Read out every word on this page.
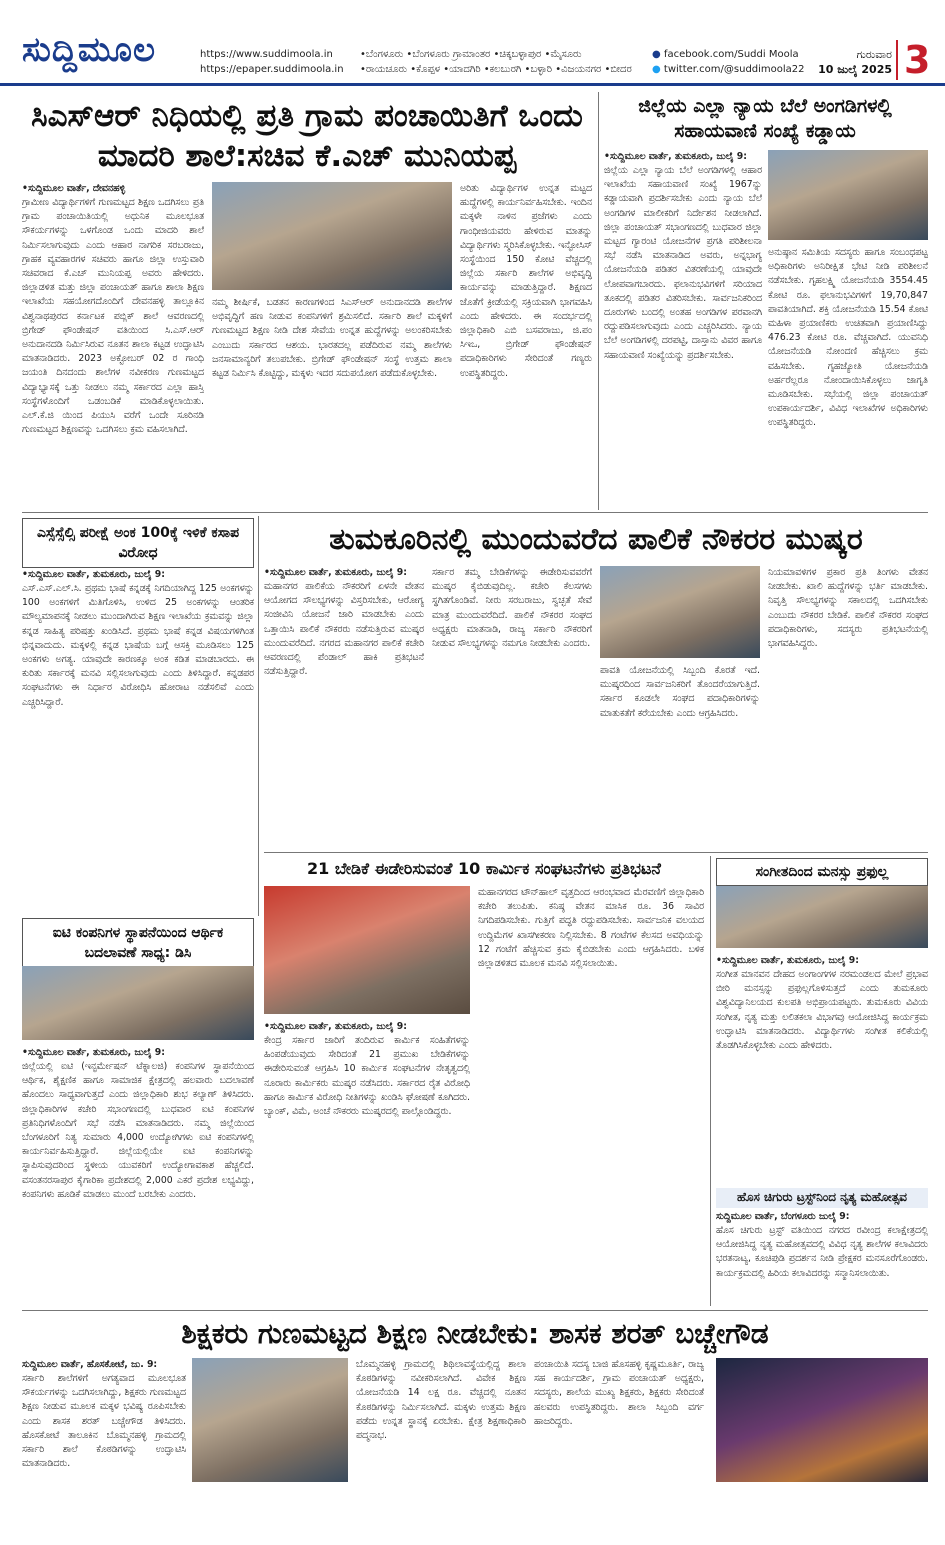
ಸುದ್ದಿಮೂಲ	https://www.suddimoola.in
https://epaper.suddimoola.in
•ಬೆಂಗಳೂರು •ಬೆಂಗಳೂರು ಗ್ರಾಮಾಂತರ •ಚಿಕ್ಕಬಳ್ಳಾಪುರ •ಮೈಸೂರು
•ರಾಯಚೂರು •ಕೊಪ್ಪಳ •ಯಾದಗಿರಿ •ಕಲಬುರಗಿ •ಬಳ್ಳಾರಿ •ವಿಜಯನಗರ •ಬೀದರ
● facebook.com/Suddi Moola
● twitter.com/@suddimoola22
ಗುರುವಾರ
10 ಜುಲೈ 2025 3
ಸಿಎಸ್‌ಆರ್ ನಿಧಿಯಲ್ಲಿ ಪ್ರತಿ ಗ್ರಾಮ ಪಂಚಾಯಿತಿಗೆ ಒಂದು ಮಾದರಿ ಶಾಲೆ:ಸಚಿವ ಕೆ.ಎಚ್ ಮುನಿಯಪ್ಪ
•ಸುದ್ದಿಮೂಲ ವಾರ್ತೆ, ದೇವನಹಳ್ಳಿ
ಗ್ರಾಮೀಣ ವಿದ್ಯಾರ್ಥಿಗಳಿಗೆ ಗುಣಮಟ್ಟದ ಶಿಕ್ಷಣ ಒದಗಿಸಲು ಪ್ರತಿ ಗ್ರಾಮ ಪಂಚಾಯಿತಿಯಲ್ಲಿ ಅಧುನಿಕ ಮೂಲಭೂತ ಸೌಕರ್ಯಗಳನ್ನು ಒಳಗೊಂಡ ಒಂದು ಮಾದರಿ ಶಾಲೆ ನಿರ್ಮಿಸಲಾಗುವುದು ಎಂದು ಆಹಾರ ನಾಗರಿಕ ಸರಬರಾಜು, ಗ್ರಾಹಕ ವ್ಯವಹಾರಗಳ ಸಚಿವರು ಹಾಗೂ ಜಿಲ್ಲಾ ಉಸ್ತುವಾರಿ ಸಚಿವರಾದ ಕೆ.ಎಚ್ ಮುನಿಯಪ್ಪ ಅವರು ಹೇಳಿದರು. ಜಿಲ್ಲಾಡಳಿತ ಮತ್ತು ಜಿಲ್ಲಾ ಪಂಚಾಯತ್ ಹಾಗೂ ಶಾಲಾ ಶಿಕ್ಷಣ ಇಲಾಖೆಯ ಸಹಯೋಗದೊಂದಿಗೆ ದೇವನಹಳ್ಳಿ ತಾಲ್ಲೂಕಿನ ವಿಶ್ವನಾಥಪುರದ ಕರ್ನಾಟಕ ಪಬ್ಲಿಕ್ ಶಾಲೆ ಆವರಣದಲ್ಲಿ ಬ್ರಿಗೇಡ್ ಫೌಂಡೇಷನ್ ವತಿಯಿಂದ ಸಿ.ಎಸ್.ಆರ್ ಅನುದಾನದಡಿ ನಿರ್ಮಿಸಿರುವ ನೂತನ ಶಾಲಾ ಕಟ್ಟಡ ಉದ್ಘಾಟಿಸಿ ಮಾತನಾಡಿದರು. 2023 ಅಕ್ಟೋಬರ್ 02 ರ ಗಾಂಧಿ ಜಯಂತಿ ದಿನದಂದು ಶಾಲೆಗಳ ನವೀಕರಣ ಗುಣಮಟ್ಟದ ವಿದ್ಯಾಭ್ಯಾಸಕ್ಕೆ ಒತ್ತು ನೀಡಲು ನಮ್ಮ ಸರ್ಕಾರದ ಎಲ್ಲಾ ಹಾಸ್ತಿ ಸಂಸ್ಥೆಗಳೊಂದಿಗೆ ಒಡಂಬಡಿಕೆ ಮಾಡಿಕೊಳ್ಳಲಾಯಿತು. ಎಲ್.ಕೆ.ಜಿ ಯಿಂದ ಪಿಯುಸಿ ವರೆಗೆ ಒಂದೇ ಸೂರಿನಡಿ ಗುಣಮಟ್ಟದ ಶಿಕ್ಷಣವನ್ನು ಒದಗಿಸಲು ಕ್ರಮ ವಹಿಸಲಾಗಿದೆ.
ನಮ್ಮ ಶೀರ್ಷಿಕೆ, ಬಡತನ ಕಾರಣಗಳಿಂದ ಸಿಎಸ್‌ಆರ್ ಅನುದಾನದಡಿ ಶಾಲೆಗಳ ಅಭಿವೃದ್ಧಿಗೆ ಹಣ ನೀಡುವ ಕಂಪನಿಗಳಿಗೆ ಶ್ರಮಿಸಲಿದೆ. ಸರ್ಕಾರಿ ಶಾಲೆ ಮಕ್ಕಳಿಗೆ ಗುಣಮಟ್ಟದ ಶಿಕ್ಷಣ ನೀಡಿ ದೇಶ ಸೇವೆಯ ಉನ್ನತ ಹುದ್ದೆಗಳನ್ನು ಅಲಂಕರಿಸಬೇಕು ಎಂಬುದು ಸರ್ಕಾರದ ಆಶಯ. ಭಾರತದಲ್ಲ ಪಡೆದಿರುವ ನಮ್ಮ ಶಾಲೆಗಳು ಜನಸಾಮಾನ್ಯರಿಗೆ ತಲುಪಬೇಕು. ಬ್ರಿಗೇಡ್ ಫೌಂಡೇಷನ್ ಸಂಸ್ಥೆ ಉತ್ತಮ ಶಾಲಾ ಕಟ್ಟಡ ನಿರ್ಮಿಸಿ ಕೊಟ್ಟಿದ್ದು, ಮಕ್ಕಳು ಇದರ ಸದುಪಯೋಗ ಪಡೆದುಕೊಳ್ಳಬೇಕು.
ಅರಿತು ವಿದ್ಯಾರ್ಥಿಗಳ ಉನ್ನತ ಮಟ್ಟದ ಹುದ್ದೆಗಳಲ್ಲಿ ಕಾರ್ಯನಿರ್ವಹಿಸಬೇಕು. ಇಂದಿನ ಮಕ್ಕಳೇ ನಾಳಿನ ಪ್ರಜೆಗಳು ಎಂದು ಗಾಂಧೀಜಿಯವರು ಹೇಳಿರುವ ಮಾತನ್ನು ವಿದ್ಯಾರ್ಥಿಗಳು ಸ್ಮರಿಸಿಕೊಳ್ಳಬೇಕು. ಇನ್ಫೋಸಿಸ್ ಸಂಸ್ಥೆಯಿಂದ 150 ಕೋಟಿ ವೆಚ್ಚದಲ್ಲಿ ಜಿಲ್ಲೆಯ ಸರ್ಕಾರಿ ಶಾಲೆಗಳ ಅಭಿವೃದ್ಧಿ ಕಾರ್ಯವನ್ನು ಮಾಡುತ್ತಿದ್ದಾರೆ. ಶಿಕ್ಷಣದ ಜೊತೆಗೆ ಕ್ರೀಡೆಯಲ್ಲಿ ಸಕ್ರಿಯವಾಗಿ ಭಾಗವಹಿಸಿ ಎಂದು ಹೇಳಿದರು. ಈ ಸಂದರ್ಭದಲ್ಲಿ ಜಿಲ್ಲಾಧಿಕಾರಿ ಎಬಿ ಬಸವರಾಜು, ಜಿ.ಪಂ ಸಿಇಒ, ಬ್ರಿಗೇಡ್ ಫೌಂಡೇಷನ್ ಪದಾಧಿಕಾರಿಗಳು ಸೇರಿದಂತೆ ಗಣ್ಯರು ಉಪಸ್ಥಿತರಿದ್ದರು.
ಜಿಲ್ಲೆಯ ಎಲ್ಲಾ ನ್ಯಾಯ ಬೆಲೆ ಅಂಗಡಿಗಳಲ್ಲಿ ಸಹಾಯವಾಣಿ ಸಂಖ್ಯೆ ಕಡ್ಡಾಯ
•ಸುದ್ದಿಮೂಲ ವಾರ್ತೆ, ತುಮಕೂರು, ಜುಲೈ 9:
ಜಿಲ್ಲೆಯ ಎಲ್ಲಾ ನ್ಯಾಯ ಬೆಲೆ ಅಂಗಡಿಗಳಲ್ಲಿ ಆಹಾರ ಇಲಾಖೆಯ ಸಹಾಯವಾಣಿ ಸಂಖ್ಯೆ 1967ನ್ನು ಕಡ್ಡಾಯವಾಗಿ ಪ್ರದರ್ಶಿಸಬೇಕು ಎಂದು ನ್ಯಾಯ ಬೆಲೆ ಅಂಗಡಿಗಳ ಮಾಲೀಕರಿಗೆ ನಿರ್ದೇಶನ ನೀಡಲಾಗಿದೆ. ಜಿಲ್ಲಾ ಪಂಚಾಯತ್ ಸಭಾಂಗಣದಲ್ಲಿ ಬುಧವಾರ ಜಿಲ್ಲಾ ಮಟ್ಟದ ಗ್ಯಾರಂಟಿ ಯೋಜನೆಗಳ ಪ್ರಗತಿ ಪರಿಶೀಲನಾ ಸಭೆ ನಡೆಸಿ ಮಾತನಾಡಿದ ಅವರು, ಅನ್ನಭಾಗ್ಯ ಯೋಜನೆಯಡಿ ಪಡಿತರ ವಿತರಣೆಯಲ್ಲಿ ಯಾವುದೇ ಲೋಪವಾಗಬಾರದು. ಫಲಾನುಭವಿಗಳಿಗೆ ಸರಿಯಾದ ತೂಕದಲ್ಲಿ ಪಡಿತರ ವಿತರಿಸಬೇಕು. ಸಾರ್ವಜನಿಕರಿಂದ ದೂರುಗಳು ಬಂದಲ್ಲಿ ಅಂತಹ ಅಂಗಡಿಗಳ ಪರವಾನಗಿ ರದ್ದುಪಡಿಸಲಾಗುವುದು ಎಂದು ಎಚ್ಚರಿಸಿದರು. ನ್ಯಾಯ ಬೆಲೆ ಅಂಗಡಿಗಳಲ್ಲಿ ದರಪಟ್ಟಿ, ದಾಸ್ತಾನು ವಿವರ ಹಾಗೂ ಸಹಾಯವಾಣಿ ಸಂಖ್ಯೆಯನ್ನು ಪ್ರದರ್ಶಿಸಬೇಕು.
ಅನುಷ್ಠಾನ ಸಮಿತಿಯ ಸದಸ್ಯರು ಹಾಗೂ ಸಂಬಂಧಪಟ್ಟ ಅಧಿಕಾರಿಗಳು ಅನಿರೀಕ್ಷಿತ ಭೇಟಿ ನೀಡಿ ಪರಿಶೀಲನೆ ನಡೆಸಬೇಕು. ಗೃಹಲಕ್ಷ್ಮಿ ಯೋಜನೆಯಡಿ 3554.45 ಕೋಟಿ ರೂ. ಫಲಾನುಭವಿಗಳಿಗೆ 19,70,847 ಪಾವತಿಯಾಗಿದೆ. ಶಕ್ತಿ ಯೋಜನೆಯಡಿ 15.54 ಕೋಟಿ ಮಹಿಳಾ ಪ್ರಯಾಣಿಕರು ಉಚಿತವಾಗಿ ಪ್ರಯಾಣಿಸಿದ್ದು 476.23 ಕೋಟಿ ರೂ. ವೆಚ್ಚವಾಗಿದೆ. ಯುವನಿಧಿ ಯೋಜನೆಯಡಿ ನೋಂದಣಿ ಹೆಚ್ಚಿಸಲು ಕ್ರಮ ವಹಿಸಬೇಕು. ಗೃಹಜ್ಯೋತಿ ಯೋಜನೆಯಡಿ ಅರ್ಹರೆಲ್ಲರೂ ನೋಂದಾಯಿಸಿಕೊಳ್ಳಲು ಜಾಗೃತಿ ಮೂಡಿಸಬೇಕು. ಸಭೆಯಲ್ಲಿ ಜಿಲ್ಲಾ ಪಂಚಾಯತ್ ಉಪಕಾರ್ಯದರ್ಶಿ, ವಿವಿಧ ಇಲಾಖೆಗಳ ಅಧಿಕಾರಿಗಳು ಉಪಸ್ಥಿತರಿದ್ದರು.
ಎಸ್ಸೆಸ್ಸೆಲ್ಸಿ ಪರೀಕ್ಷೆ ಅಂಕ 100ಕ್ಕೆ ಇಳಿಕೆ ಕಸಾಪ ವಿರೋಧ
•ಸುದ್ದಿಮೂಲ ವಾರ್ತೆ, ತುಮಕೂರು, ಜುಲೈ 9:
ಎಸ್.ಎಸ್.ಎಲ್.ಸಿ. ಪ್ರಥಮ ಭಾಷೆ ಕನ್ನಡಕ್ಕೆ ನಿಗದಿಯಾಗಿದ್ದ 125 ಅಂಕಗಳನ್ನು 100 ಅಂಕಗಳಿಗೆ ಮಿತಿಗೊಳಿಸಿ, ಉಳಿದ 25 ಅಂಕಗಳನ್ನು ಆಂತರಿಕ ಮೌಲ್ಯಮಾಪನಕ್ಕೆ ನೀಡಲು ಮುಂದಾಗಿರುವ ಶಿಕ್ಷಣ ಇಲಾಖೆಯ ಕ್ರಮವನ್ನು ಜಿಲ್ಲಾ ಕನ್ನಡ ಸಾಹಿತ್ಯ ಪರಿಷತ್ತು ಖಂಡಿಸಿದೆ. ಪ್ರಥಮ ಭಾಷೆ ಕನ್ನಡ ವಿಷಯಗಳಿಗಿಂತ ಭಿನ್ನವಾದುದು. ಮಕ್ಕಳಲ್ಲಿ ಕನ್ನಡ ಭಾಷೆಯ ಬಗ್ಗೆ ಆಸಕ್ತಿ ಮೂಡಿಸಲು 125 ಅಂಕಗಳು ಅಗತ್ಯ. ಯಾವುದೇ ಕಾರಣಕ್ಕೂ ಅಂಕ ಕಡಿತ ಮಾಡಬಾರದು. ಈ ಕುರಿತು ಸರ್ಕಾರಕ್ಕೆ ಮನವಿ ಸಲ್ಲಿಸಲಾಗುವುದು ಎಂದು ತಿಳಿಸಿದ್ದಾರೆ. ಕನ್ನಡಪರ ಸಂಘಟನೆಗಳು ಈ ನಿರ್ಧಾರ ವಿರೋಧಿಸಿ ಹೋರಾಟ ನಡೆಸಲಿವೆ ಎಂದು ಎಚ್ಚರಿಸಿದ್ದಾರೆ.
ತುಮಕೂರಿನಲ್ಲಿ ಮುಂದುವರೆದ ಪಾಲಿಕೆ ನೌಕರರ ಮುಷ್ಕರ
•ಸುದ್ದಿಮೂಲ ವಾರ್ತೆ, ತುಮಕೂರು, ಜುಲೈ 9:
ಮಹಾನಗರ ಪಾಲಿಕೆಯ ನೌಕರರಿಗೆ ಏಳನೇ ವೇತನ ಆಯೋಗದ ಸೌಲಭ್ಯಗಳನ್ನು ವಿಸ್ತರಿಸಬೇಕು, ಆರೋಗ್ಯ ಸಂಜೀವಿನಿ ಯೋಜನೆ ಜಾರಿ ಮಾಡಬೇಕು ಎಂದು ಒತ್ತಾಯಿಸಿ ಪಾಲಿಕೆ ನೌಕರರು ನಡೆಸುತ್ತಿರುವ ಮುಷ್ಕರ ಮುಂದುವರೆದಿದೆ. ನಗರದ ಮಹಾನಗರ ಪಾಲಿಕೆ ಕಚೇರಿ ಆವರಣದಲ್ಲಿ ಪೆಂಡಾಲ್ ಹಾಕಿ ಪ್ರತಿಭಟನೆ ನಡೆಸುತ್ತಿದ್ದಾರೆ.
ಸರ್ಕಾರ ತಮ್ಮ ಬೇಡಿಕೆಗಳನ್ನು ಈಡೇರಿಸುವವರೆಗೆ ಮುಷ್ಕರ ಕೈಬಿಡುವುದಿಲ್ಲ. ಕಚೇರಿ ಕೆಲಸಗಳು ಸ್ಥಗಿತಗೊಂಡಿವೆ. ನೀರು ಸರಬರಾಜು, ಸ್ವಚ್ಛತೆ ಸೇವೆ ಮಾತ್ರ ಮುಂದುವರೆದಿದೆ. ಪಾಲಿಕೆ ನೌಕರರ ಸಂಘದ ಅಧ್ಯಕ್ಷರು ಮಾತನಾಡಿ, ರಾಜ್ಯ ಸರ್ಕಾರಿ ನೌಕರರಿಗೆ ನೀಡುವ ಸೌಲಭ್ಯಗಳನ್ನು ನಮಗೂ ನೀಡಬೇಕು ಎಂದರು.
ಪಾವತಿ ಯೋಜನೆಯಲ್ಲಿ ಸಿಬ್ಬಂದಿ ಕೊರತೆ ಇದೆ. ಮುಷ್ಕರದಿಂದ ಸಾರ್ವಜನಿಕರಿಗೆ ತೊಂದರೆಯಾಗುತ್ತಿದೆ. ಸರ್ಕಾರ ಕೂಡಲೇ ಸಂಘದ ಪದಾಧಿಕಾರಿಗಳನ್ನು ಮಾತುಕತೆಗೆ ಕರೆಯಬೇಕು ಎಂದು ಆಗ್ರಹಿಸಿದರು.
ನಿಯಮಾವಳಿಗಳ ಪ್ರಕಾರ ಪ್ರತಿ ತಿಂಗಳು ವೇತನ ನೀಡಬೇಕು. ಖಾಲಿ ಹುದ್ದೆಗಳನ್ನು ಭರ್ತಿ ಮಾಡಬೇಕು. ನಿವೃತ್ತಿ ಸೌಲಭ್ಯಗಳನ್ನು ಸಕಾಲದಲ್ಲಿ ಒದಗಿಸಬೇಕು ಎಂಬುದು ನೌಕರರ ಬೇಡಿಕೆ. ಪಾಲಿಕೆ ನೌಕರರ ಸಂಘದ ಪದಾಧಿಕಾರಿಗಳು, ಸದಸ್ಯರು ಪ್ರತಿಭಟನೆಯಲ್ಲಿ ಭಾಗವಹಿಸಿದ್ದರು.
21 ಬೇಡಿಕೆ ಈಡೇರಿಸುವಂತೆ 10 ಕಾರ್ಮಿಕ ಸಂಘಟನೆಗಳು ಪ್ರತಿಭಟನೆ
•ಸುದ್ದಿಮೂಲ ವಾರ್ತೆ, ತುಮಕೂರು, ಜುಲೈ 9:
ಕೇಂದ್ರ ಸರ್ಕಾರ ಜಾರಿಗೆ ತಂದಿರುವ ಕಾರ್ಮಿಕ ಸಂಹಿತೆಗಳನ್ನು ಹಿಂಪಡೆಯುವುದು ಸೇರಿದಂತೆ 21 ಪ್ರಮುಖ ಬೇಡಿಕೆಗಳನ್ನು ಈಡೇರಿಸುವಂತೆ ಆಗ್ರಹಿಸಿ 10 ಕಾರ್ಮಿಕ ಸಂಘಟನೆಗಳ ನೇತೃತ್ವದಲ್ಲಿ ನೂರಾರು ಕಾರ್ಮಿಕರು ಮುಷ್ಕರ ನಡೆಸಿದರು. ಸರ್ಕಾರದ ರೈತ ವಿರೋಧಿ ಹಾಗೂ ಕಾರ್ಮಿಕ ವಿರೋಧಿ ನೀತಿಗಳನ್ನು ಖಂಡಿಸಿ ಘೋಷಣೆ ಕೂಗಿದರು. ಬ್ಯಾಂಕ್, ವಿಮೆ, ಅಂಚೆ ನೌಕರರು ಮುಷ್ಕರದಲ್ಲಿ ಪಾಲ್ಗೊಂಡಿದ್ದರು.
ಮಹಾನಗರದ ಟೌನ್‌ಹಾಲ್ ವೃತ್ತದಿಂದ ಆರಂಭವಾದ ಮೆರವಣಿಗೆ ಜಿಲ್ಲಾಧಿಕಾರಿ ಕಚೇರಿ ತಲುಪಿತು. ಕನಿಷ್ಠ ವೇತನ ಮಾಸಿಕ ರೂ. 36 ಸಾವಿರ ನಿಗದಿಪಡಿಸಬೇಕು. ಗುತ್ತಿಗೆ ಪದ್ಧತಿ ರದ್ದುಪಡಿಸಬೇಕು. ಸಾರ್ವಜನಿಕ ವಲಯದ ಉದ್ದಿಮೆಗಳ ಖಾಸಗೀಕರಣ ನಿಲ್ಲಿಸಬೇಕು. 8 ಗಂಟೆಗಳ ಕೆಲಸದ ಅವಧಿಯನ್ನು 12 ಗಂಟೆಗೆ ಹೆಚ್ಚಿಸುವ ಕ್ರಮ ಕೈಬಿಡಬೇಕು ಎಂದು ಆಗ್ರಹಿಸಿದರು. ಬಳಿಕ ಜಿಲ್ಲಾಡಳಿತದ ಮೂಲಕ ಮನವಿ ಸಲ್ಲಿಸಲಾಯಿತು.
ಸಂಗೀತದಿಂದ ಮನಸ್ಸು ಪ್ರಫುಲ್ಲ
•ಸುದ್ದಿಮೂಲ ವಾರ್ತೆ, ತುಮಕೂರು, ಜುಲೈ 9:
ಸಂಗೀತ ಮಾನವನ ದೇಹದ ಅಂಗಾಂಗಗಳ ನರಮಂಡಲದ ಮೇಲೆ ಪ್ರಭಾವ ಬೀರಿ ಮನಸ್ಸನ್ನು ಪ್ರಫುಲ್ಲಗೊಳಿಸುತ್ತದೆ ಎಂದು ತುಮಕೂರು ವಿಶ್ವವಿದ್ಯಾನಿಲಯದ ಕುಲಪತಿ ಅಭಿಪ್ರಾಯಪಟ್ಟರು. ತುಮಕೂರು ವಿವಿಯ ಸಂಗೀತ, ನೃತ್ಯ ಮತ್ತು ಲಲಿತಕಲಾ ವಿಭಾಗವು ಆಯೋಜಿಸಿದ್ದ ಕಾರ್ಯಕ್ರಮ ಉದ್ಘಾಟಿಸಿ ಮಾತನಾಡಿದರು. ವಿದ್ಯಾರ್ಥಿಗಳು ಸಂಗೀತ ಕಲಿಕೆಯಲ್ಲಿ ತೊಡಗಿಸಿಕೊಳ್ಳಬೇಕು ಎಂದು ಹೇಳಿದರು.
ಹೊಸ ಚಿಗುರು ಟ್ರಸ್ಟ್‌ನಿಂದ ನೃತ್ಯ ಮಹೋತ್ಸವ
ಸುದ್ದಿಮೂಲ ವಾರ್ತೆ, ಬೆಂಗಳೂರು ಜುಲೈ 9:
ಹೊಸ ಚಿಗುರು ಟ್ರಸ್ಟ್ ವತಿಯಿಂದ ನಗರದ ರವೀಂದ್ರ ಕಲಾಕ್ಷೇತ್ರದಲ್ಲಿ ಆಯೋಜಿಸಿದ್ದ ನೃತ್ಯ ಮಹೋತ್ಸವದಲ್ಲಿ ವಿವಿಧ ನೃತ್ಯ ಶಾಲೆಗಳ ಕಲಾವಿದರು ಭರತನಾಟ್ಯ, ಕೂಚಿಪುಡಿ ಪ್ರದರ್ಶನ ನೀಡಿ ಪ್ರೇಕ್ಷಕರ ಮನಸೂರೆಗೊಂಡರು. ಕಾರ್ಯಕ್ರಮದಲ್ಲಿ ಹಿರಿಯ ಕಲಾವಿದರನ್ನು ಸನ್ಮಾನಿಸಲಾಯಿತು.
ಐಟಿ ಕಂಪನಿಗಳ ಸ್ಥಾಪನೆಯಿಂದ ಆರ್ಥಿಕ ಬದಲಾವಣೆ ಸಾಧ್ಯ: ಡಿಸಿ
•ಸುದ್ದಿಮೂಲ ವಾರ್ತೆ, ತುಮಕೂರು, ಜುಲೈ 9:
ಜಿಲ್ಲೆಯಲ್ಲಿ ಐಟಿ (ಇನ್ಫರ್ಮೇಷನ್ ಟೆಕ್ನಾಲಜಿ) ಕಂಪನಿಗಳ ಸ್ಥಾಪನೆಯಿಂದ ಆರ್ಥಿಕ, ಶೈಕ್ಷಣಿಕ ಹಾಗೂ ಸಾಮಾಜಿಕ ಕ್ಷೇತ್ರದಲ್ಲಿ ಹಲವಾರು ಬದಲಾವಣೆ ಹೊಂದಲು ಸಾಧ್ಯವಾಗುತ್ತದೆ ಎಂದು ಜಿಲ್ಲಾಧಿಕಾರಿ ಶುಭ ಕಲ್ಯಾಣ್ ತಿಳಿಸಿದರು. ಜಿಲ್ಲಾಧಿಕಾರಿಗಳ ಕಚೇರಿ ಸಭಾಂಗಣದಲ್ಲಿ ಬುಧವಾರ ಐಟಿ ಕಂಪನಿಗಳ ಪ್ರತಿನಿಧಿಗಳೊಂದಿಗೆ ಸಭೆ ನಡೆಸಿ ಮಾತನಾಡಿದರು. ನಮ್ಮ ಜಿಲ್ಲೆಯಿಂದ ಬೆಂಗಳೂರಿಗೆ ನಿತ್ಯ ಸುಮಾರು 4,000 ಉದ್ಯೋಗಿಗಳು ಐಟಿ ಕಂಪನಿಗಳಲ್ಲಿ ಕಾರ್ಯನಿರ್ವಹಿಸುತ್ತಿದ್ದಾರೆ. ಜಿಲ್ಲೆಯಲ್ಲಿಯೇ ಐಟಿ ಕಂಪನಿಗಳನ್ನು ಸ್ಥಾಪಿಸುವುದರಿಂದ ಸ್ಥಳೀಯ ಯುವಕರಿಗೆ ಉದ್ಯೋಗಾವಕಾಶ ಹೆಚ್ಚಲಿದೆ. ವಸಂತನರಸಾಪುರ ಕೈಗಾರಿಕಾ ಪ್ರದೇಶದಲ್ಲಿ 2,000 ಎಕರೆ ಪ್ರದೇಶ ಲಭ್ಯವಿದ್ದು, ಕಂಪನಿಗಳು ಹೂಡಿಕೆ ಮಾಡಲು ಮುಂದೆ ಬರಬೇಕು ಎಂದರು.
ಶಿಕ್ಷಕರು ಗುಣಮಟ್ಟದ ಶಿಕ್ಷಣ ನೀಡಬೇಕು: ಶಾಸಕ ಶರತ್ ಬಚ್ಚೇಗೌಡ
ಸುದ್ದಿಮೂಲ ವಾರ್ತೆ, ಹೊಸಕೋಟೆ, ಜು. 9:
ಸರ್ಕಾರಿ ಶಾಲೆಗಳಿಗೆ ಅಗತ್ಯವಾದ ಮೂಲಭೂತ ಸೌಕರ್ಯಗಳನ್ನು ಒದಗಿಸಲಾಗಿದ್ದು, ಶಿಕ್ಷಕರು ಗುಣಮಟ್ಟದ ಶಿಕ್ಷಣ ನೀಡುವ ಮೂಲಕ ಮಕ್ಕಳ ಭವಿಷ್ಯ ರೂಪಿಸಬೇಕು ಎಂದು ಶಾಸಕ ಶರತ್ ಬಚ್ಚೇಗೌಡ ತಿಳಿಸಿದರು. ಹೊಸಕೋಟೆ ತಾಲೂಕಿನ ಬೊಮ್ಮನಹಳ್ಳಿ ಗ್ರಾಮದಲ್ಲಿ ಸರ್ಕಾರಿ ಶಾಲೆ ಕೊಠಡಿಗಳನ್ನು ಉದ್ಘಾಟಿಸಿ ಮಾತನಾಡಿದರು.
ಬೊಮ್ಮನಹಳ್ಳಿ ಗ್ರಾಮದಲ್ಲಿ ಶಿಥಿಲಾವಸ್ಥೆಯಲ್ಲಿದ್ದ ಶಾಲಾ ಕೊಠಡಿಗಳನ್ನು ನವೀಕರಿಸಲಾಗಿದೆ. ವಿವೇಕ ಶಿಕ್ಷಣ ಯೋಜನೆಯಡಿ 14 ಲಕ್ಷ ರೂ. ವೆಚ್ಚದಲ್ಲಿ ನೂತನ ಕೊಠಡಿಗಳನ್ನು ನಿರ್ಮಿಸಲಾಗಿದೆ. ಮಕ್ಕಳು ಉತ್ತಮ ಶಿಕ್ಷಣ ಪಡೆದು ಉನ್ನತ ಸ್ಥಾನಕ್ಕೆ ಏರಬೇಕು. ಕ್ಷೇತ್ರ ಶಿಕ್ಷಣಾಧಿಕಾರಿ ಪದ್ಮನಾಭ.
ಪಂಚಾಯಿತಿ ಸದಸ್ಯ ಬಾಜಿ ಹೊಸಹಳ್ಳಿ ಕೃಷ್ಣಮೂರ್ತಿ, ರಾಜ್ಯ ಸಹ ಕಾರ್ಯದರ್ಶಿ, ಗ್ರಾಮ ಪಂಚಾಯತ್ ಅಧ್ಯಕ್ಷರು, ಸದಸ್ಯರು, ಶಾಲೆಯ ಮುಖ್ಯ ಶಿಕ್ಷಕರು, ಶಿಕ್ಷಕರು ಸೇರಿದಂತೆ ಹಲವರು ಉಪಸ್ಥಿತರಿದ್ದರು. ಶಾಲಾ ಸಿಬ್ಬಂದಿ ವರ್ಗ ಹಾಜರಿದ್ದರು.
